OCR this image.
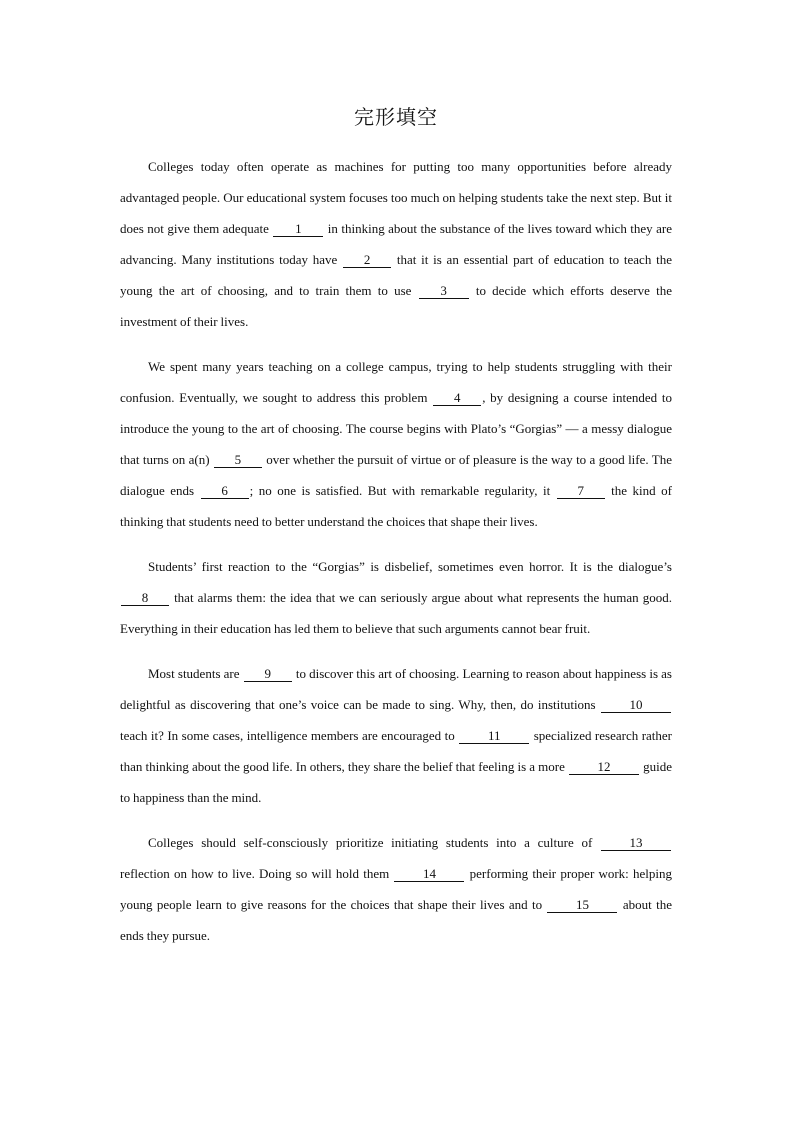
完形填空

Colleges today often operate as machines for putting too many opportunities before already advantaged people. Our educational system focuses too much on helping students take the next step. But it does not give them adequate 1 in thinking about the substance of the lives toward which they are advancing. Many institutions today have 2 that it is an essential part of education to teach the young the art of choosing, and to train them to use 3 to decide which efforts deserve the investment of their lives.

We spent many years teaching on a college campus, trying to help students struggling with their confusion. Eventually, we sought to address this problem 4 , by designing a course intended to introduce the young to the art of choosing. The course begins with Plato’s “Gorgias” — a messy dialogue that turns on a(n) 5 over whether the pursuit of virtue or of pleasure is the way to a good life. The dialogue ends 6 ; no one is satisfied. But with remarkable regularity, it 7 the kind of thinking that students need to better understand the choices that shape their lives.

Students’ first reaction to the “Gorgias” is disbelief, sometimes even horror. It is the dialogue’s 8 that alarms them: the idea that we can seriously argue about what represents the human good. Everything in their education has led them to believe that such arguments cannot bear fruit.

Most students are 9 to discover this art of choosing. Learning to reason about happiness is as delightful as discovering that one’s voice can be made to sing. Why, then, do institutions 10 teach it? In some cases, intelligence members are encouraged to 11 specialized research rather than thinking about the good life. In others, they share the belief that feeling is a more 12 guide to happiness than the mind.

Colleges should self-consciously prioritize initiating students into a culture of 13 reflection on how to live. Doing so will hold them 14 performing their proper work: helping young people learn to give reasons for the choices that shape their lives and to 15 about the ends they pursue.
